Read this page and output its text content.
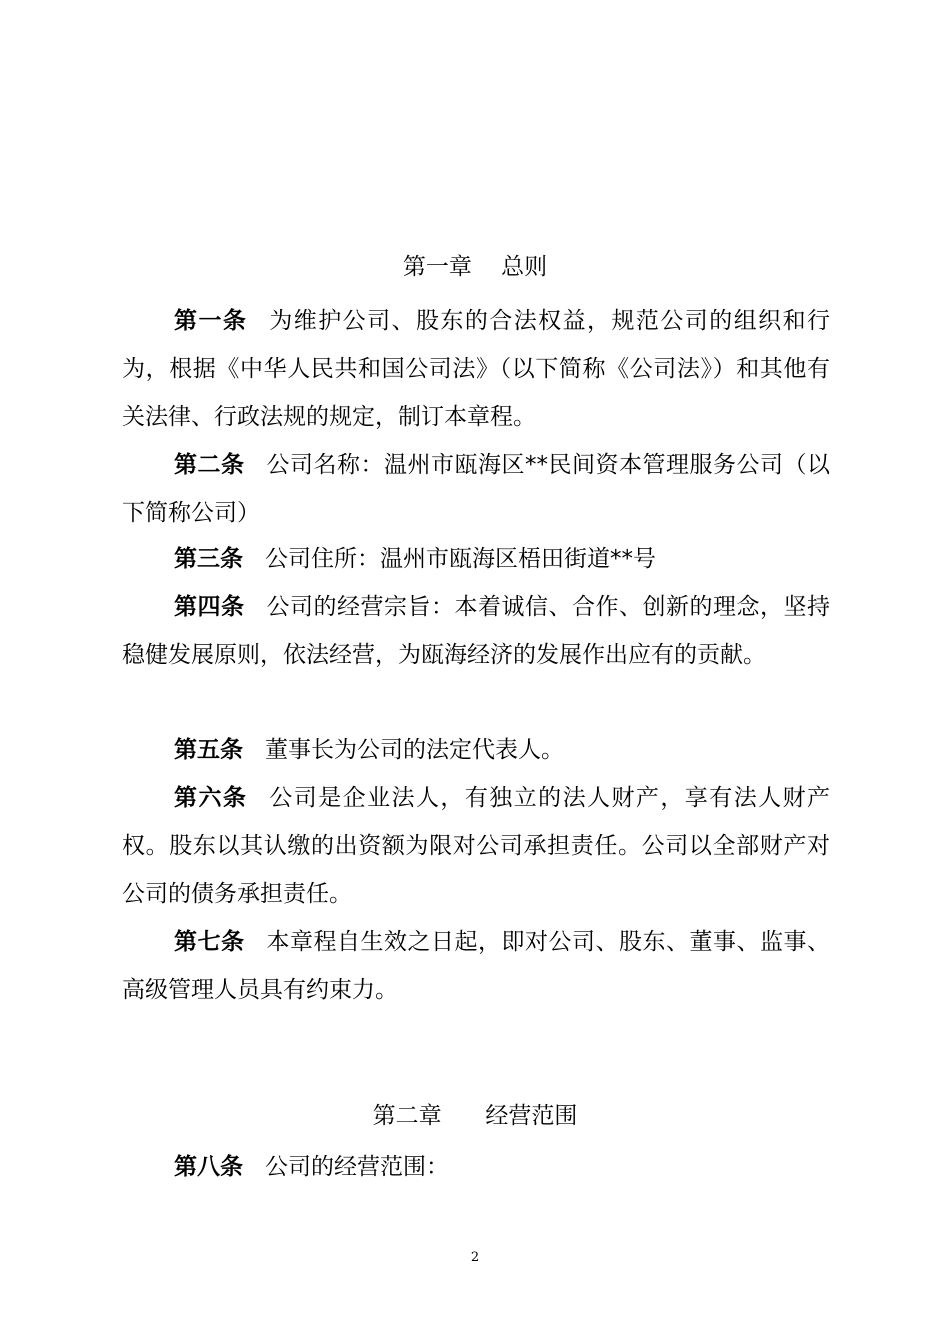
第一章    总则
第一条 为维护公司、股东的合法权益，规范公司的组织和行为，根据《中华人民共和国公司法》（以下简称《公司法》）和其他有关法律、行政法规的规定，制订本章程。
第二条 公司名称：温州市瓯海区**民间资本管理服务公司（以下简称公司）
第三条 公司住所：温州市瓯海区梧田街道**号
第四条 公司的经营宗旨：本着诚信、合作、创新的理念，坚持稳健发展原则，依法经营，为瓯海经济的发展作出应有的贡献。
第五条 董事长为公司的法定代表人。
第六条 公司是企业法人，有独立的法人财产，享有法人财产权。股东以其认缴的出资额为限对公司承担责任。公司以全部财产对公司的债务承担责任。
第七条 本章程自生效之日起，即对公司、股东、董事、监事、高级管理人员具有约束力。
第二章      经营范围
第八条 公司的经营范围：
2
